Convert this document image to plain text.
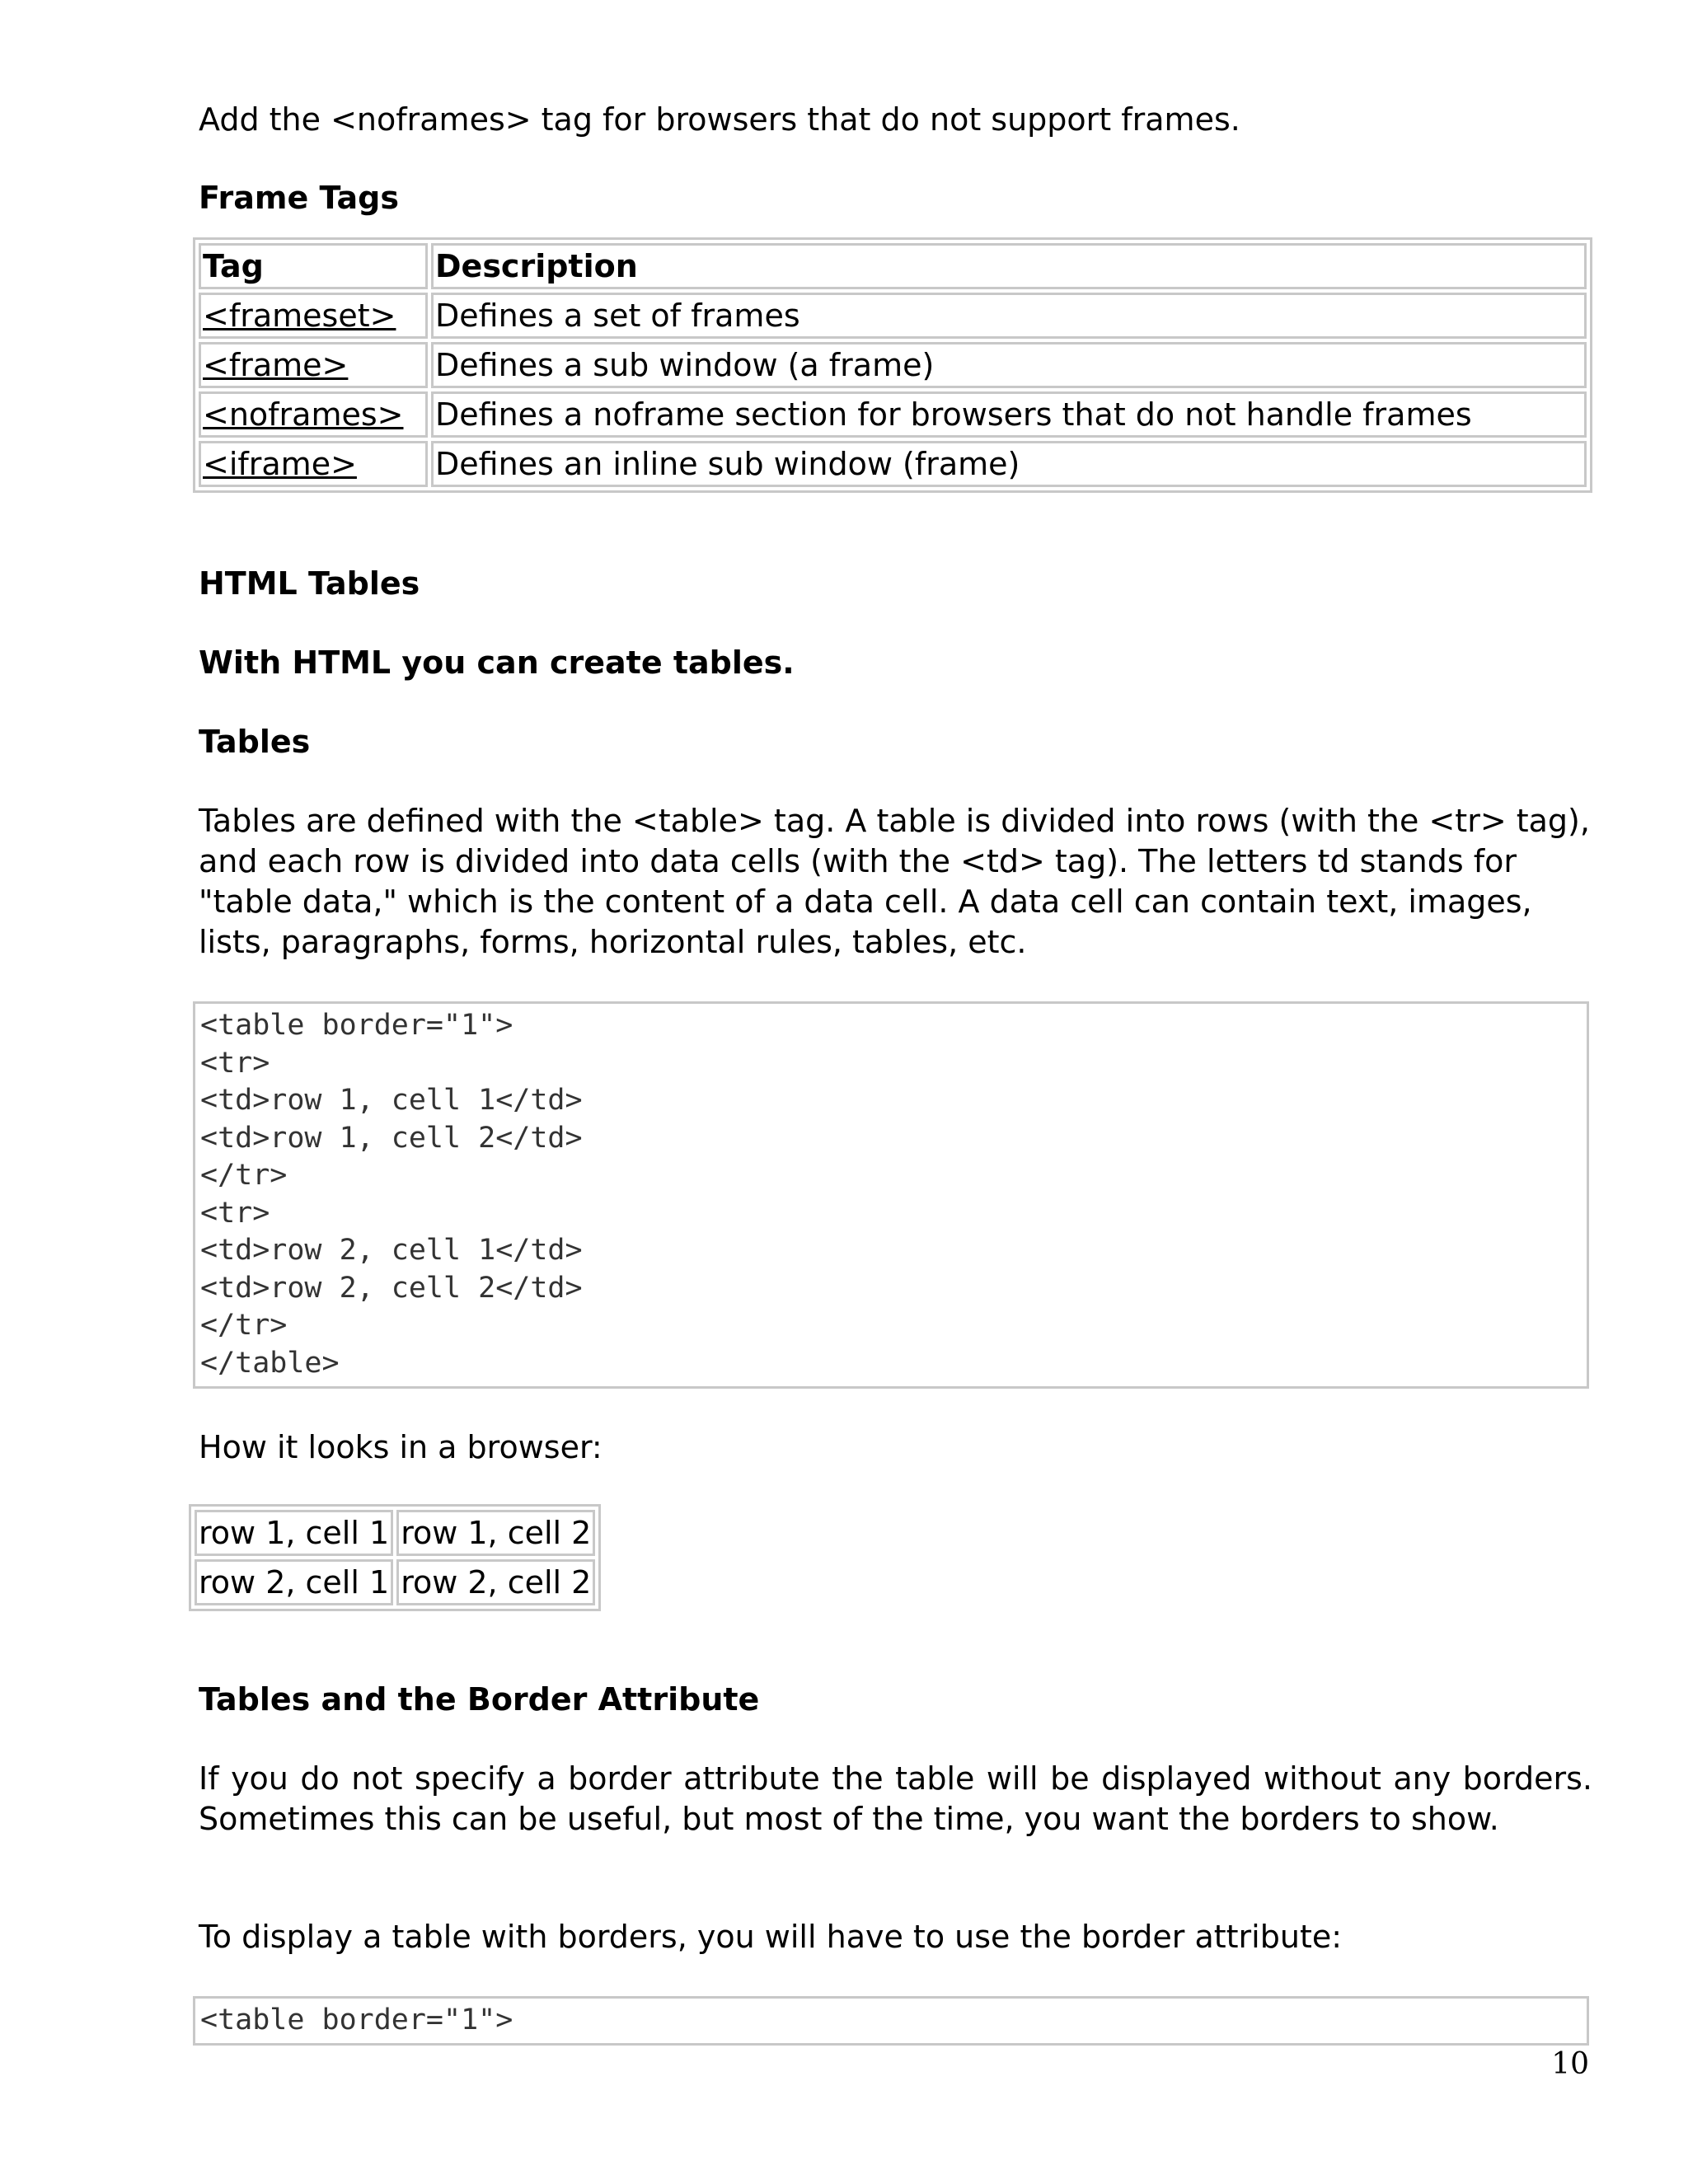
Add the <noframes> tag for browsers that do not support frames.

Frame Tags
Tag	Description
<frameset>	Defines a set of frames
<frame>	Defines a sub window (a frame)
<noframes>	Defines a noframe section for browsers that do not handle frames
<iframe>	Defines an inline sub window (frame)
HTML Tables
With HTML you can create tables.
Tables

Tables are defined with the <table> tag. A table is divided into rows (with the <tr> tag), and each row is divided into data cells (with the <td> tag). The letters td stands for "table data," which is the content of a data cell. A data cell can contain text, images, lists, paragraphs, forms, horizontal rules, tables, etc.

<table border="1">
<tr>
<td>row 1, cell 1</td>
<td>row 1, cell 2</td>
</tr>
<tr>
<td>row 2, cell 1</td>
<td>row 2, cell 2</td>
</tr>
</table>

How it looks in a browser:

row 1, cell 1	row 1, cell 2
row 2, cell 1	row 2, cell 2
Tables and the Border Attribute

If you do not specify a border attribute the table will be displayed without any borders. Sometimes this can be useful, but most of the time, you want the borders to show.

To display a table with borders, you will have to use the border attribute:

<table border="1">
10
